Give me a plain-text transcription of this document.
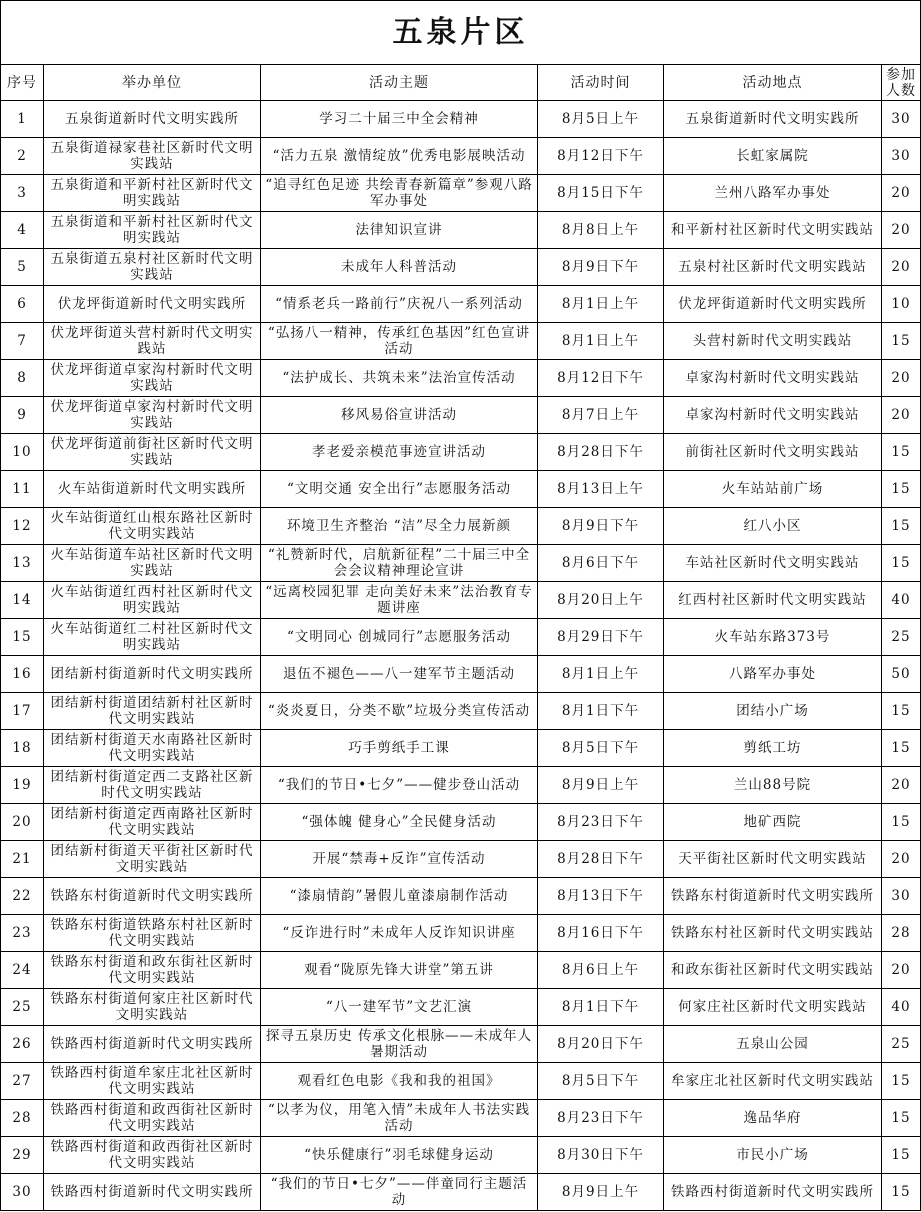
五泉片区					
序号	举办单位	活动主题	活动时间	活动地点	参加人数
1	五泉街道新时代文明实践所	学习二十届三中全会精神	8月5日上午	五泉街道新时代文明实践所	30
2	五泉街道禄家巷社区新时代文明实践站	“活力五泉 激情绽放”优秀电影展映活动	8月12日下午	长虹家属院	30
3	五泉街道和平新村社区新时代文明实践站	“追寻红色足迹 共绘青春新篇章”参观八路军办事处	8月15日下午	兰州八路军办事处	20
4	五泉街道和平新村社区新时代文明实践站	法律知识宣讲	8月8日上午	和平新村社区新时代文明实践站	20
5	五泉街道五泉村社区新时代文明实践站	未成年人科普活动	8月9日下午	五泉村社区新时代文明实践站	20
6	伏龙坪街道新时代文明实践所	“情系老兵一路前行”庆祝八一系列活动	8月1日上午	伏龙坪街道新时代文明实践所	10
7	伏龙坪街道头营村新时代文明实践站	“弘扬八一精神，传承红色基因”红色宣讲活动	8月1日上午	头营村新时代文明实践站	15
8	伏龙坪街道卓家沟村新时代文明实践站	“法护成长、共筑未来”法治宣传活动	8月12日下午	卓家沟村新时代文明实践站	20
9	伏龙坪街道卓家沟村新时代文明实践站	移风易俗宣讲活动	8月7日上午	卓家沟村新时代文明实践站	20
10	伏龙坪街道前街社区新时代文明实践站	孝老爱亲模范事迹宣讲活动	8月28日下午	前街社区新时代文明实践站	15
11	火车站街道新时代文明实践所	“文明交通 安全出行”志愿服务活动	8月13日上午	火车站站前广场	15
12	火车站街道红山根东路社区新时代文明实践站	环境卫生齐整治 “洁”尽全力展新颜	8月9日下午	红八小区	15
13	火车站街道车站社区新时代文明实践站	“礼赞新时代，启航新征程”二十届三中全会会议精神理论宣讲	8月6日下午	车站社区新时代文明实践站	15
14	火车站街道红西村社区新时代文明实践站	“远离校园犯罪 走向美好未来”法治教育专题讲座	8月20日上午	红西村社区新时代文明实践站	40
15	火车站街道红二村社区新时代文明实践站	“文明同心 创城同行”志愿服务活动	8月29日下午	火车站东路373号	25
16	团结新村街道新时代文明实践所	退伍不褪色——八一建军节主题活动	8月1日上午	八路军办事处	50
17	团结新村街道团结新村社区新时代文明实践站	“炎炎夏日，分类不歇”垃圾分类宣传活动	8月1日下午	团结小广场	15
18	团结新村街道天水南路社区新时代文明实践站	巧手剪纸手工课	8月5日下午	剪纸工坊	15
19	团结新村街道定西二支路社区新时代文明实践站	“我们的节日•七夕”——健步登山活动	8月9日上午	兰山88号院	20
20	团结新村街道定西南路社区新时代文明实践站	“强体魄 健身心”全民健身活动	8月23日下午	地矿西院	15
21	团结新村街道天平街社区新时代文明实践站	开展“禁毒+反诈”宣传活动	8月28日下午	天平街社区新时代文明实践站	20
22	铁路东村街道新时代文明实践所	“漆扇情韵”暑假儿童漆扇制作活动	8月13日下午	铁路东村街道新时代文明实践所	30
23	铁路东村街道铁路东村社区新时代文明实践站	“反诈进行时”未成年人反诈知识讲座	8月16日下午	铁路东村社区新时代文明实践站	28
24	铁路东村街道和政东街社区新时代文明实践站	观看“陇原先锋大讲堂”第五讲	8月6日上午	和政东街社区新时代文明实践站	20
25	铁路东村街道何家庄社区新时代文明实践站	“八一建军节”文艺汇演	8月1日下午	何家庄社区新时代文明实践站	40
26	铁路西村街道新时代文明实践所	探寻五泉历史 传承文化根脉——未成年人暑期活动	8月20日下午	五泉山公园	25
27	铁路西村街道牟家庄北社区新时代文明实践站	观看红色电影《我和我的祖国》	8月5日下午	牟家庄北社区新时代文明实践站	15
28	铁路西村街道和政西街社区新时代文明实践站	“以孝为仪，用笔入情”未成年人书法实践活动	8月23日下午	逸品华府	15
29	铁路西村街道和政西街社区新时代文明实践站	“快乐健康行”羽毛球健身运动	8月30日下午	市民小广场	15
30	铁路西村街道新时代文明实践所	“我们的节日•七夕”——伴童同行主题活动	8月9日上午	铁路西村街道新时代文明实践所	15
